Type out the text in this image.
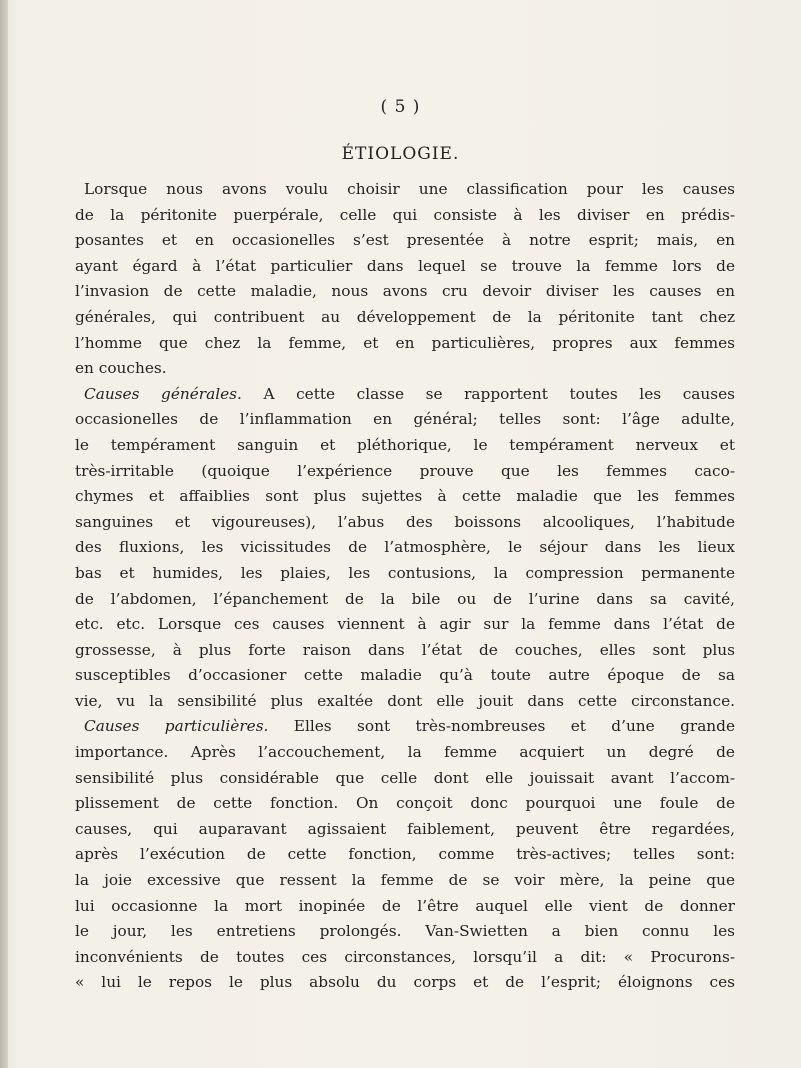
( 5 )
ÉTIOLOGIE.
Lorsque nous avons voulu choisir une classification pour les causes
de la péritonite puerpérale, celle qui consiste à les diviser en prédis-
posantes et en occasionelles s’est presentée à notre esprit; mais, en
ayant égard à l’état particulier dans lequel se trouve la femme lors de
l’invasion de cette maladie, nous avons cru devoir diviser les causes en
générales, qui contribuent au développement de la péritonite tant chez
l’homme que chez la femme, et en particulières, propres aux femmes
en couches.
Causes générales. A cette classe se rapportent toutes les causes
occasionelles de l’inflammation en général; telles sont: l’âge adulte,
le tempérament sanguin et pléthorique, le tempérament nerveux et
très-irritable (quoique l’expérience prouve que les femmes caco-
chymes et affaiblies sont plus sujettes à cette maladie que les femmes
sanguines et vigoureuses), l’abus des boissons alcooliques, l’habitude
des fluxions, les vicissitudes de l’atmosphère, le séjour dans les lieux
bas et humides, les plaies, les contusions, la compression permanente
de l’abdomen, l’épanchement de la bile ou de l’urine dans sa cavité,
etc. etc. Lorsque ces causes viennent à agir sur la femme dans l’état de
grossesse, à plus forte raison dans l’état de couches, elles sont plus
susceptibles d’occasioner cette maladie qu’à toute autre époque de sa
vie, vu la sensibilité plus exaltée dont elle jouit dans cette circonstance.
Causes particulières. Elles sont très-nombreuses et d’une grande
importance. Après l’accouchement, la femme acquiert un degré de
sensibilité plus considérable que celle dont elle jouissait avant l’accom-
plissement de cette fonction. On conçoit donc pourquoi une foule de
causes, qui auparavant agissaient faiblement, peuvent être regardées,
après l’exécution de cette fonction, comme très-actives; telles sont:
la joie excessive que ressent la femme de se voir mère, la peine que
lui occasionne la mort inopinée de l’être auquel elle vient de donner
le jour, les entretiens prolongés. Van-Swietten a bien connu les
inconvénients de toutes ces circonstances, lorsqu’il a dit: « Procurons-
« lui le repos le plus absolu du corps et de l’esprit; éloignons ces
